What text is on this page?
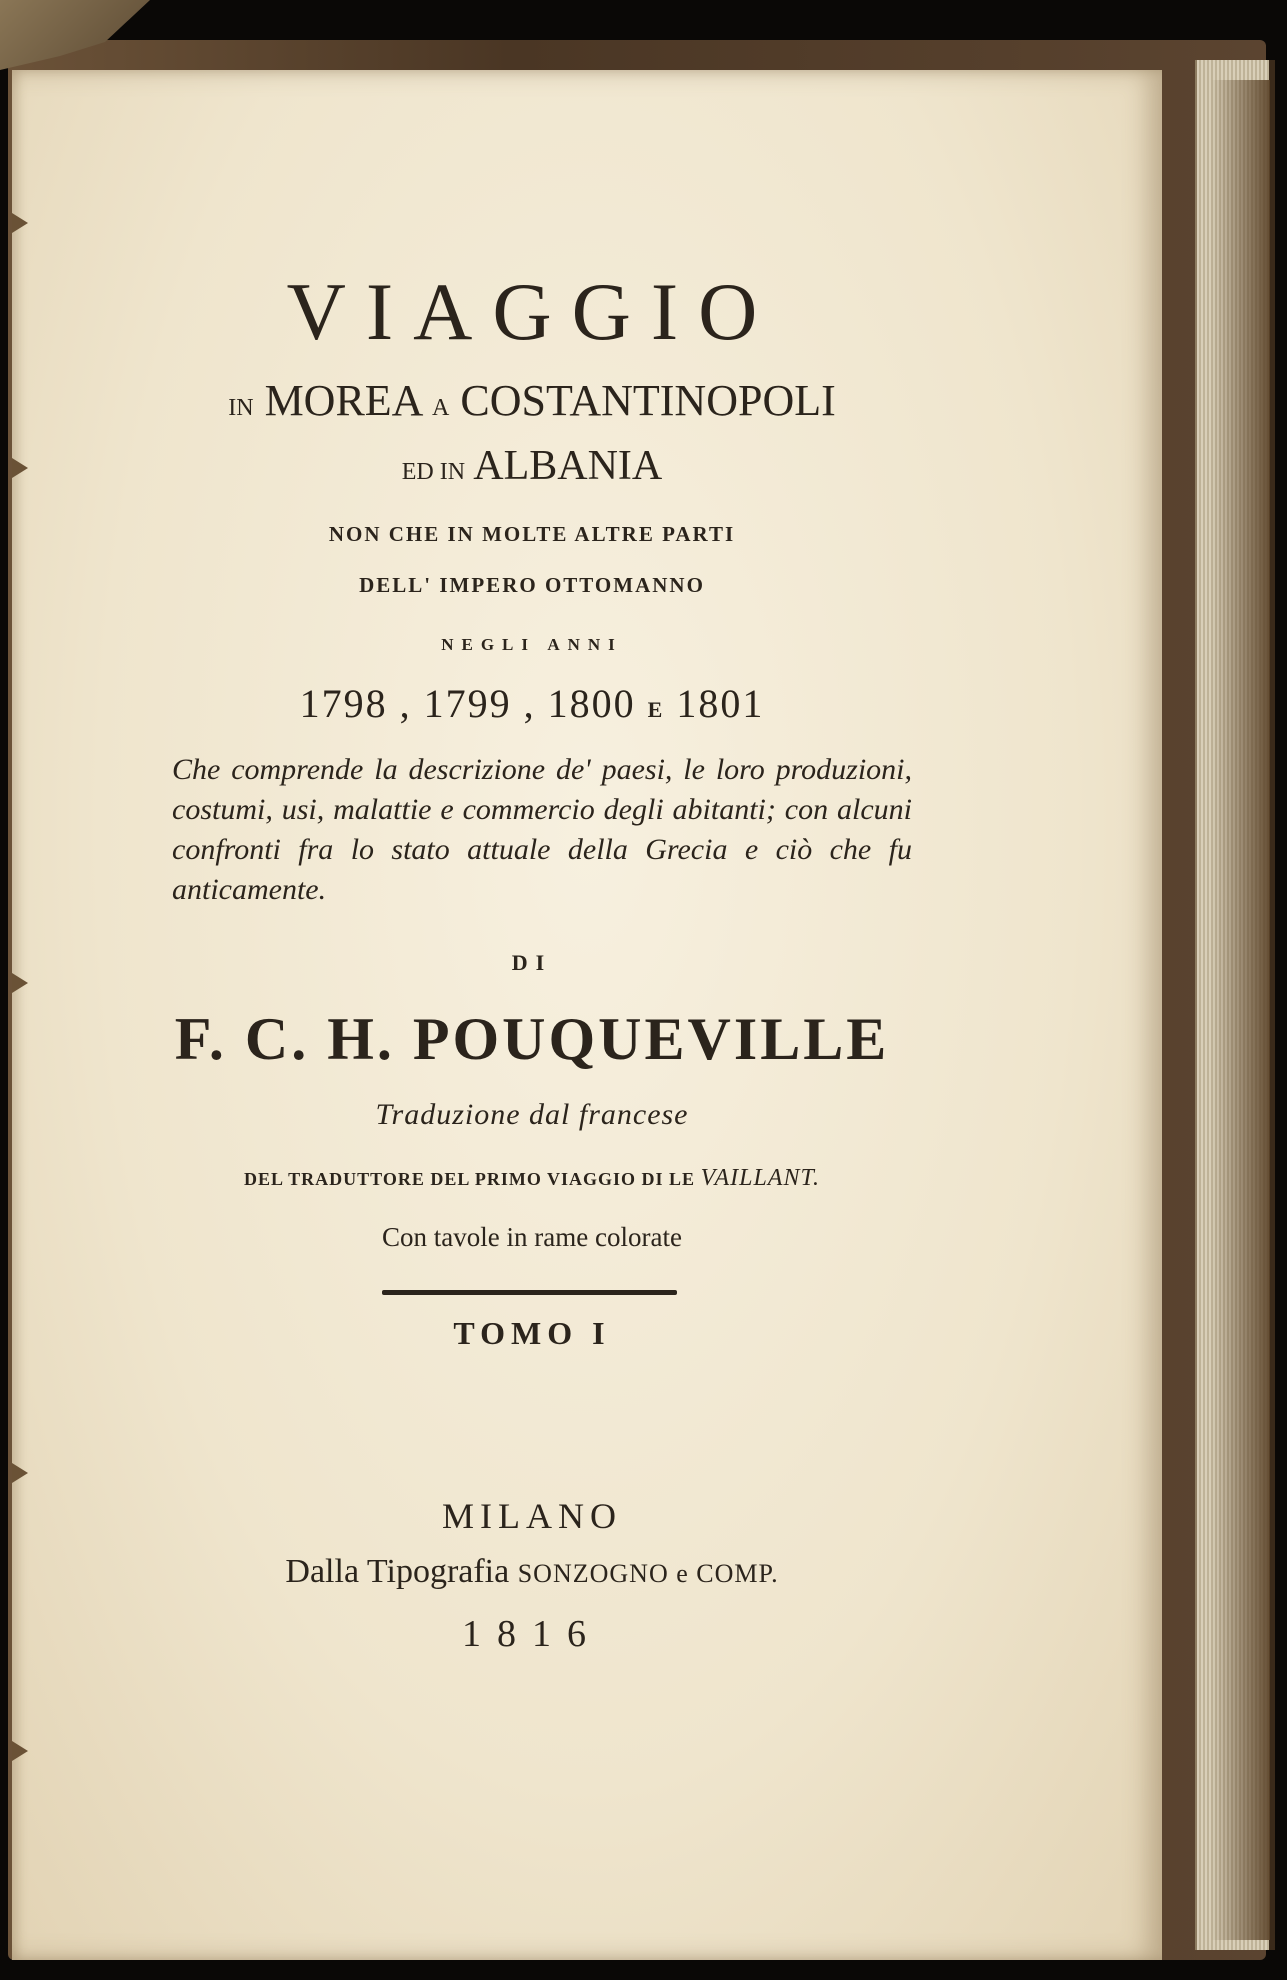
VIAGGIO
IN MOREA A COSTANTINOPOLI
ED IN ALBANIA
NON CHE IN MOLTE ALTRE PARTI
DELL' IMPERO OTTOMANNO
NEGLI ANNI
1798 , 1799 , 1800 E 1801
Che comprende la descrizione de' paesi, le loro produzioni, costumi, usi, malattie e commercio degli abitanti; con alcuni confronti fra lo stato attuale della Grecia e ciò che fu anticamente.
DI
F. C. H. POUQUEVILLE
Traduzione dal francese
DEL TRADUTTORE DEL PRIMO VIAGGIO DI LE VAILLANT.
Con tavole in rame colorate
TOMO I
MILANO
Dalla Tipografia SONZOGNO e COMP.
1816
